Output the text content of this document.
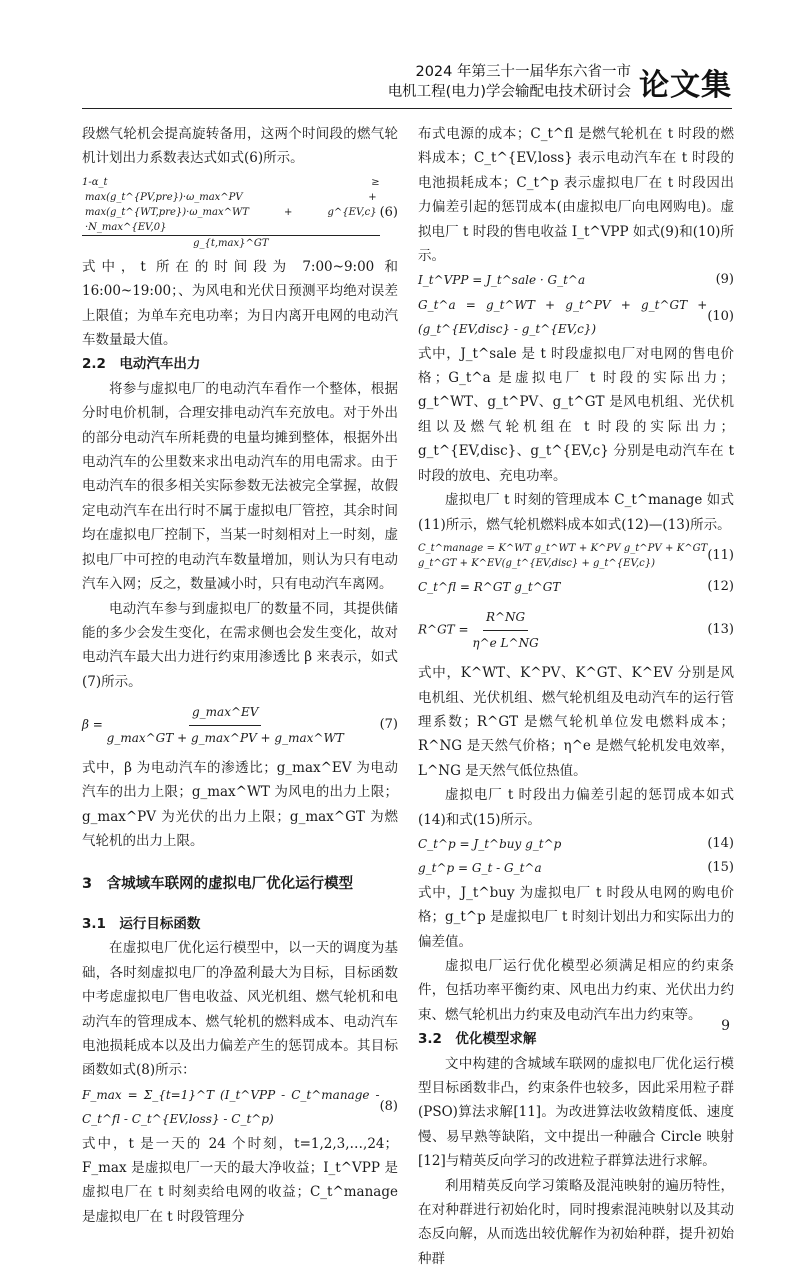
2024 年第三十一届华东六省一市
电机工程(电力)学会输配电技术研讨会 论文集

段燃气轮机会提高旋转备用，这两个时间段的燃气轮机计划出力系数表达式如式(6)所示。

1-α_t ≥
max(g_t^{PV,pre})·ω_max^PV + max(g_t^{WT,pre})·ω_max^WT + g^{EV,c}·N_max^{EV,0}
g_{t,max}^GT
(6)

式中，t 所在的时间段为 7:00~9:00 和 16:00~19:00；、为风电和光伏日预测平均绝对误差上限值；为单车充电功率；为日内离开电网的电动汽车数量最大值。

2.2　电动汽车出力

将参与虚拟电厂的电动汽车看作一个整体，根据分时电价机制，合理安排电动汽车充放电。对于外出的部分电动汽车所耗费的电量均摊到整体，根据外出电动汽车的公里数来求出电动汽车的用电需求。由于电动汽车的很多相关实际参数无法被完全掌握，故假定电动汽车在出行时不属于虚拟电厂管控，其余时间均在虚拟电厂控制下，当某一时刻相对上一时刻，虚拟电厂中可控的电动汽车数量增加，则认为只有电动汽车入网；反之，数量减小时，只有电动汽车离网。

电动汽车参与到虚拟电厂的数量不同，其提供储能的多少会发生变化，在需求侧也会发生变化，故对电动汽车最大出力进行约束用渗透比 β 来表示，如式(7)所示。

β =
g_max^EV
g_max^GT + g_max^PV + g_max^WT
(7)

式中，β 为电动汽车的渗透比；g_max^EV 为电动汽车的出力上限；g_max^WT 为风电的出力上限；g_max^PV 为光伏的出力上限；g_max^GT 为燃气轮机的出力上限。

3　含城域车联网的虚拟电厂优化运行模型

3.1　运行目标函数

在虚拟电厂优化运行模型中，以一天的调度为基础，各时刻虚拟电厂的净盈利最大为目标，目标函数中考虑虚拟电厂售电收益、风光机组、燃气轮机和电动汽车的管理成本、燃气轮机的燃料成本、电动汽车电池损耗成本以及出力偏差产生的惩罚成本。其目标函数如式(8)所示：

F_max = Σ_{t=1}^T (I_t^VPP - C_t^manage - C_t^fl - C_t^{EV,loss} - C_t^p)
(8)

式中，t 是一天的 24 个时刻，t=1,2,3,…,24；F_max 是虚拟电厂一天的最大净收益；I_t^VPP 是虚拟电厂在 t 时刻卖给电网的收益；C_t^manage 是虚拟电厂在 t 时段管理分

布式电源的成本；C_t^fl 是燃气轮机在 t 时段的燃料成本；C_t^{EV,loss} 表示电动汽车在 t 时段的电池损耗成本；C_t^p 表示虚拟电厂在 t 时段因出力偏差引起的惩罚成本(由虚拟电厂向电网购电)。虚拟电厂 t 时段的售电收益 I_t^VPP 如式(9)和(10)所示。

I_t^VPP = J_t^sale · G_t^a	(9)
G_t^a = g_t^WT + g_t^PV + g_t^GT + (g_t^{EV,disc} - g_t^{EV,c})
(10)

式中，J_t^sale 是 t 时段虚拟电厂对电网的售电价格；G_t^a 是虚拟电厂 t 时段的实际出力；g_t^WT、g_t^PV、g_t^GT 是风电机组、光伏机组以及燃气轮机组在 t 时段的实际出力；g_t^{EV,disc}、g_t^{EV,c} 分别是电动汽车在 t 时段的放电、充电功率。

虚拟电厂 t 时刻的管理成本 C_t^manage 如式(11)所示，燃气轮机燃料成本如式(12)—(13)所示。

C_t^manage = K^WT g_t^WT + K^PV g_t^PV + K^GT g_t^GT + K^EV(g_t^{EV,disc} + g_t^{EV,c})	(11)
C_t^fl = R^GT g_t^GT	(12)
R^GT = $\frac{R\^{}NG}{\text{η\textasciicircum{}e L\textasciicircum{}NG}}$	(13)

式中，K^WT、K^PV、K^GT、K^EV 分别是风电机组、光伏机组、燃气轮机组及电动汽车的运行管理系数；R^GT 是燃气轮机单位发电燃料成本；R^NG 是天然气价格；η^e 是燃气轮机发电效率，L^NG 是天然气低位热值。

虚拟电厂 t 时段出力偏差引起的惩罚成本如式(14)和式(15)所示。

C_t^p = J_t^buy g_t^p	(14)
g_t^p = G_t - G_t^a	(15)

式中，J_t^buy 为虚拟电厂 t 时段从电网的购电价格；g_t^p 是虚拟电厂 t 时刻计划出力和实际出力的偏差值。

虚拟电厂运行优化模型必须满足相应的约束条件，包括功率平衡约束、风电出力约束、光伏出力约束、燃气轮机出力约束及电动汽车出力约束等。

3.2　优化模型求解

文中构建的含城域车联网的虚拟电厂优化运行模型目标函数非凸，约束条件也较多，因此采用粒子群(PSO)算法求解[11]。为改进算法收敛精度低、速度慢、易早熟等缺陷，文中提出一种融合 Circle 映射[12]与精英反向学习的改进粒子群算法进行求解。

利用精英反向学习策略及混沌映射的遍历特性，在对种群进行初始化时，同时搜索混沌映射以及其动态反向解，从而选出较优解作为初始种群，提升初始种群

9
